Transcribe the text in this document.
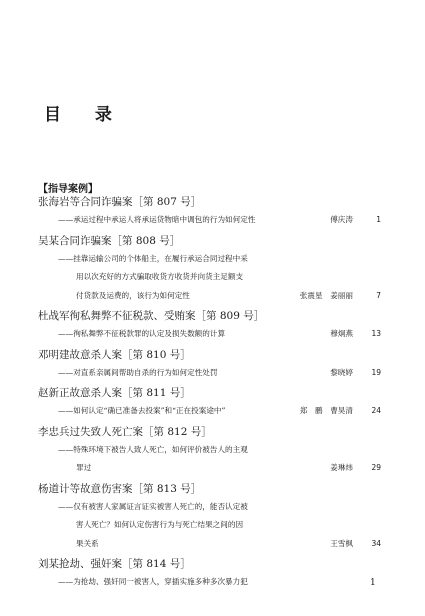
目 录
【指导案例】
张海岩等合同诈骗案［第 807 号］
——承运过程中承运人将承运货物暗中调包的行为如何定性	傅庆涛	1
吴某合同诈骗案［第 808 号］
——挂靠运输公司的个体船主，在履行承运合同过程中采
用以次充好的方式骗取收货方收货并向货主足额支
付货款及运费的，该行为如何定性	张震星　姜丽丽	7
杜战军徇私舞弊不征税款、受贿案［第 809 号］
——徇私舞弊不征税款罪的认定及损失数额的计算	穆炯燕	13
邓明建故意杀人案［第 810 号］
——对直系亲属间帮助自杀的行为如何定性处罚	黎晓婷	19
赵新正故意杀人案［第 811 号］
——如何认定“确已准备去投案”和“正在投案途中”	郑　鹏　曹昊清	24
李忠兵过失致人死亡案［第 812 号］
——特殊环境下被告人致人死亡，如何评价被告人的主观
罪过	姜琳炜	29
杨道计等故意伤害案［第 813 号］
——仅有被害人家属证言证实被害人死亡的，能否认定被
害人死亡？如何认定伤害行为与死亡结果之间的因
果关系	王雪枫	34
刘某抢劫、强奸案［第 814 号］
——为抢劫、强奸同一被害人，穿插实施多种多次暴力犯	1
